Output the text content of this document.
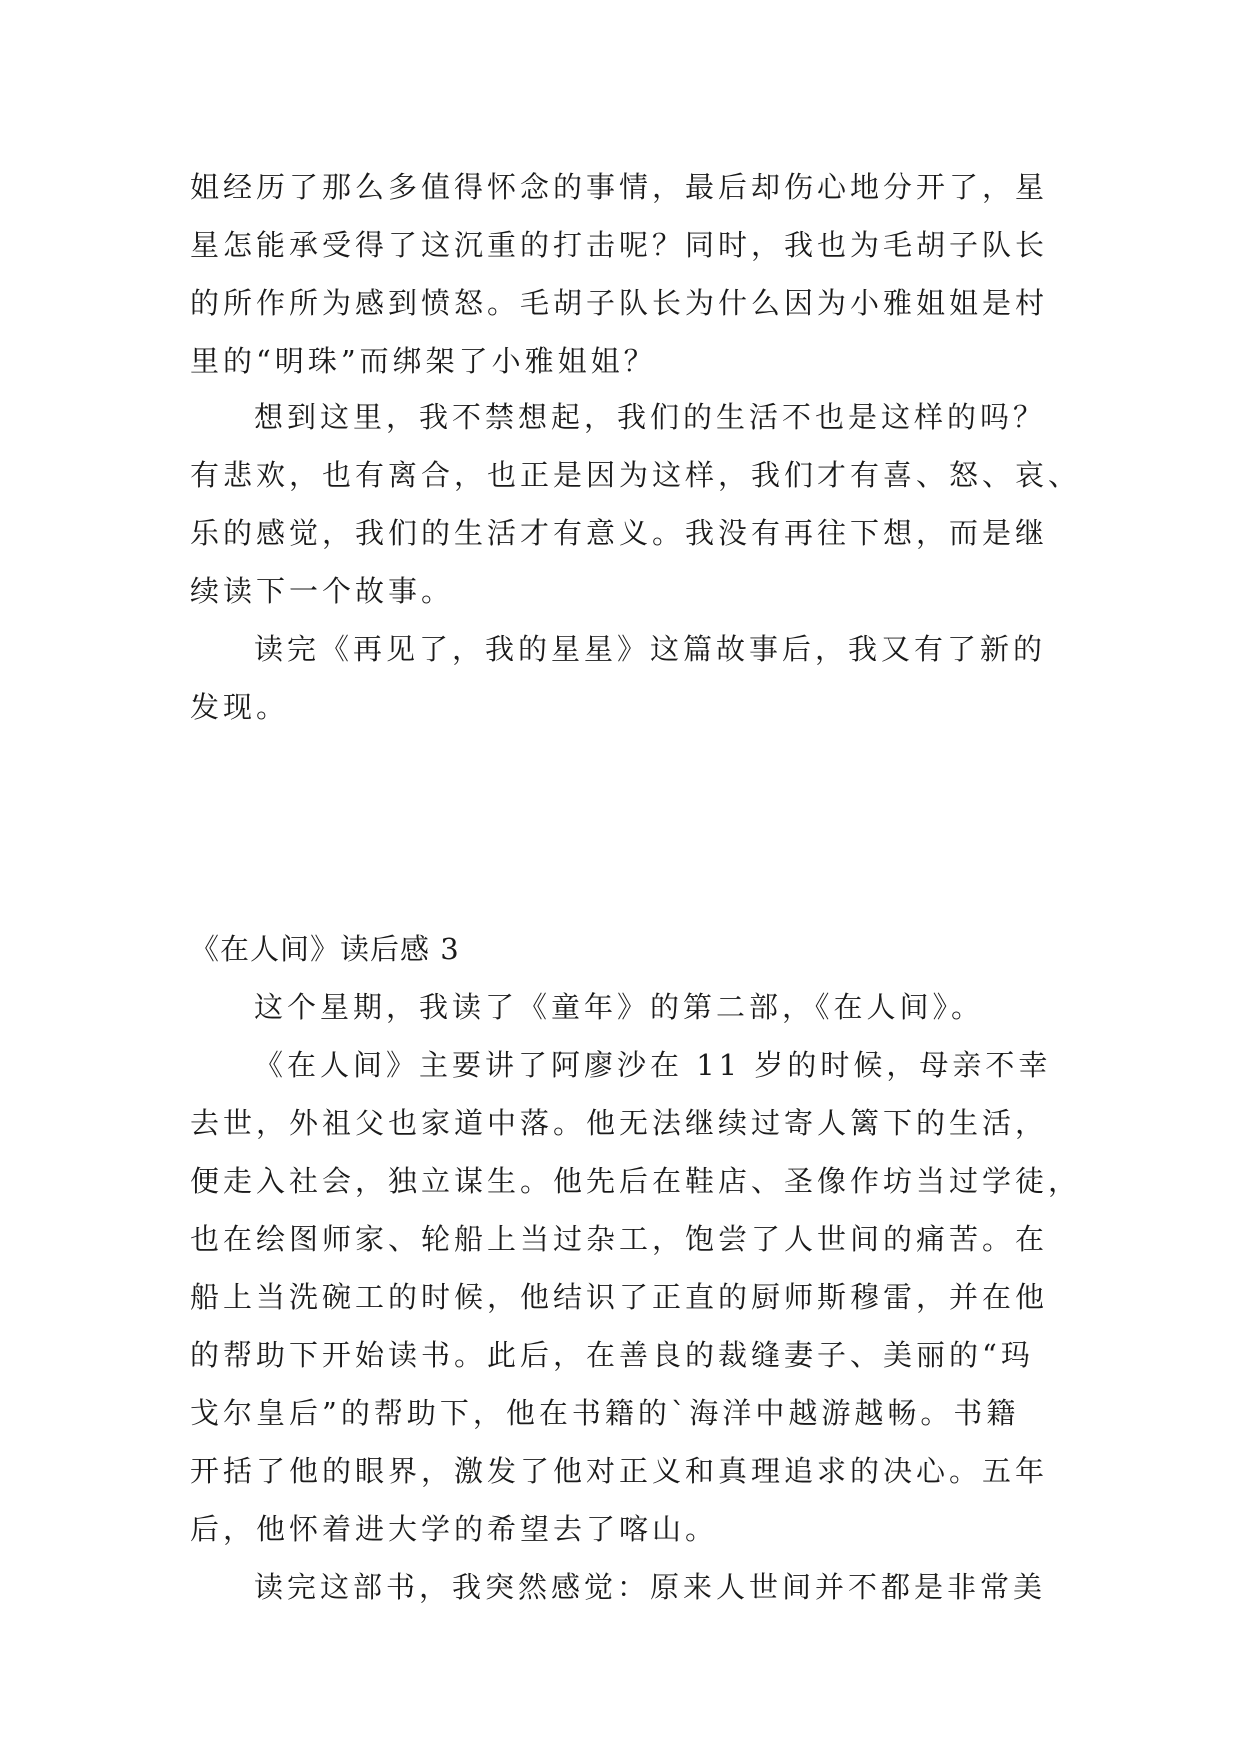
姐经历了那么多值得怀念的事情，最后却伤心地分开了，星
星怎能承受得了这沉重的打击呢？同时，我也为毛胡子队长
的所作所为感到愤怒。毛胡子队长为什么因为小雅姐姐是村
里的“明珠”而绑架了小雅姐姐？
想到这里，我不禁想起，我们的生活不也是这样的吗？
有悲欢，也有离合，也正是因为这样，我们才有喜、怒、哀、
乐的感觉，我们的生活才有意义。我没有再往下想，而是继
续读下一个故事。
读完《再见了，我的星星》这篇故事后，我又有了新的
发现。
《在人间》读后感 3
这个星期，我读了《童年》的第二部，《在人间》。
《在人间》主要讲了阿廖沙在 11 岁的时候，母亲不幸
去世，外祖父也家道中落。他无法继续过寄人篱下的生活，
便走入社会，独立谋生。他先后在鞋店、圣像作坊当过学徒，
也在绘图师家、轮船上当过杂工，饱尝了人世间的痛苦。在
船上当洗碗工的时候，他结识了正直的厨师斯穆雷，并在他
的帮助下开始读书。此后，在善良的裁缝妻子、美丽的“玛
戈尔皇后”的帮助下，他在书籍的`海洋中越游越畅。书籍
开括了他的眼界，激发了他对正义和真理追求的决心。五年
后，他怀着进大学的希望去了喀山。
读完这部书，我突然感觉：原来人世间并不都是非常美
